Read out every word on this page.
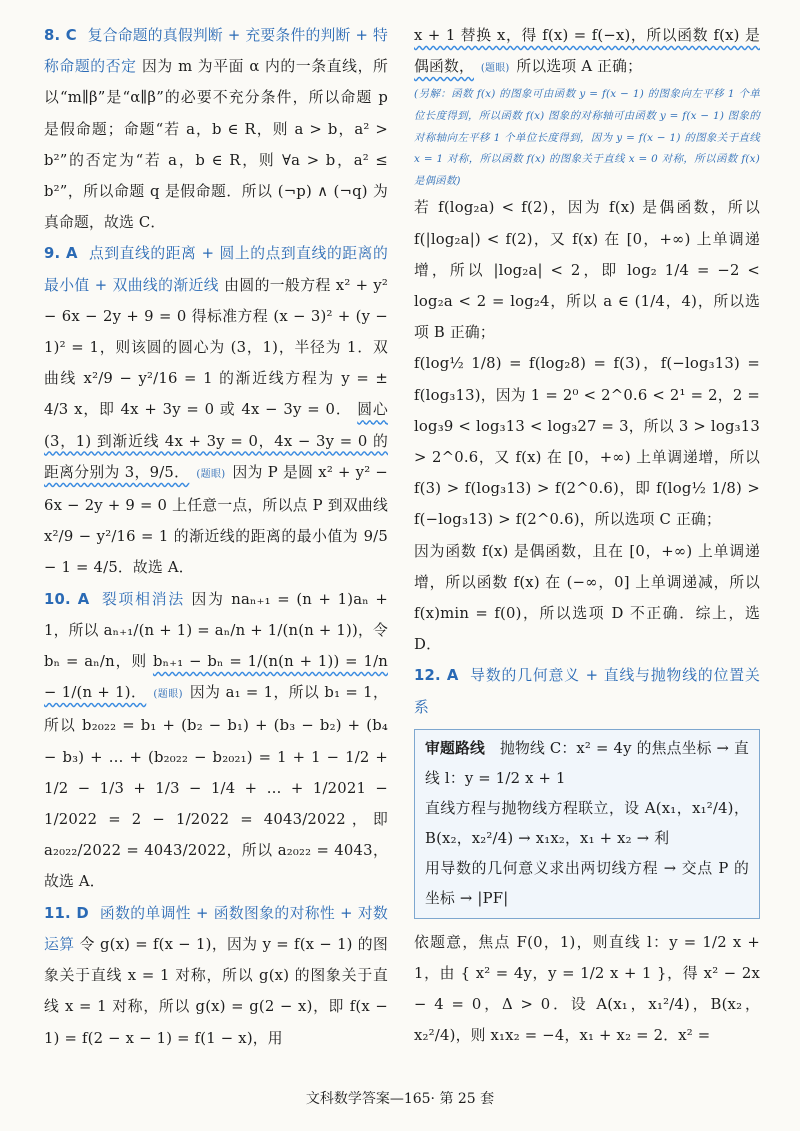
8. C 复合命题的真假判断 + 充要条件的判断 + 特称命题的否定 因为 m 为平面 α 内的一条直线，所以“m∥β”是“α∥β”的必要不充分条件，所以命题 p 是假命题；命题“若 a，b ∈ R，则 a > b，a² > b²”的否定为“若 a，b ∈ R，则 ∀a > b，a² ≤ b²”，所以命题 q 是假命题．所以 (¬p) ∧ (¬q) 为真命题，故选 C．

9. A 点到直线的距离 + 圆上的点到直线的距离的最小值 + 双曲线的渐近线 由圆的一般方程 x² + y² − 6x − 2y + 9 = 0 得标准方程 (x − 3)² + (y − 1)² = 1，则该圆的圆心为 (3，1)，半径为 1．双曲线 x²/9 − y²/16 = 1 的渐近线方程为 y = ± 4/3 x，即 4x + 3y = 0 或 4x − 3y = 0． 圆心 (3，1) 到渐近线 4x + 3y = 0，4x − 3y = 0 的距离分别为 3，9/5． (题眼) 因为 P 是圆 x² + y² − 6x − 2y + 9 = 0 上任意一点，所以点 P 到双曲线 x²/9 − y²/16 = 1 的渐近线的距离的最小值为 9/5 − 1 = 4/5．故选 A．

10. A 裂项相消法 因为 naₙ₊₁ = (n + 1)aₙ + 1，所以 aₙ₊₁/(n + 1) = aₙ/n + 1/(n(n + 1))，令 bₙ = aₙ/n，则 bₙ₊₁ − bₙ = 1/(n(n + 1)) = 1/n − 1/(n + 1)． (题眼) 因为 a₁ = 1，所以 b₁ = 1，所以 b₂₀₂₂ = b₁ + (b₂ − b₁) + (b₃ − b₂) + (b₄ − b₃) + … + (b₂₀₂₂ − b₂₀₂₁) = 1 + 1 − 1/2 + 1/2 − 1/3 + 1/3 − 1/4 + … + 1/2021 − 1/2022 = 2 − 1/2022 = 4043/2022，即 a₂₀₂₂/2022 = 4043/2022，所以 a₂₀₂₂ = 4043，故选 A．

11. D 函数的单调性 + 函数图象的对称性 + 对数运算 令 g(x) = f(x − 1)，因为 y = f(x − 1) 的图象关于直线 x = 1 对称，所以 g(x) 的图象关于直线 x = 1 对称，所以 g(x) = g(2 − x)，即 f(x − 1) = f(2 − x − 1) = f(1 − x)，用

x + 1 替换 x，得 f(x) = f(−x)，所以函数 f(x) 是偶函数， (题眼) 所以选项 A 正确；

(另解：函数 f(x) 的图象可由函数 y = f(x − 1) 的图象向左平移 1 个单位长度得到，所以函数 f(x) 图象的对称轴可由函数 y = f(x − 1) 图象的对称轴向左平移 1 个单位长度得到，因为 y = f(x − 1) 的图象关于直线 x = 1 对称，所以函数 f(x) 的图象关于直线 x = 0 对称，所以函数 f(x) 是偶函数)

若 f(log₂a) < f(2)，因为 f(x) 是偶函数，所以 f(|log₂a|) < f(2)，又 f(x) 在 [0，+∞) 上单调递增，所以 |log₂a| < 2，即 log₂ 1/4 = −2 < log₂a < 2 = log₂4，所以 a ∈ (1/4，4)，所以选项 B 正确；

f(log½ 1/8) = f(log₂8) = f(3)，f(−log₃13) = f(log₃13)，因为 1 = 2⁰ < 2^0.6 < 2¹ = 2，2 = log₃9 < log₃13 < log₃27 = 3，所以 3 > log₃13 > 2^0.6，又 f(x) 在 [0，+∞) 上单调递增，所以 f(3) > f(log₃13) > f(2^0.6)，即 f(log½ 1/8) > f(−log₃13) > f(2^0.6)，所以选项 C 正确；

因为函数 f(x) 是偶函数，且在 [0，+∞) 上单调递增，所以函数 f(x) 在 (−∞，0] 上单调递减，所以 f(x)min = f(0)，所以选项 D 不正确．综上，选 D．

12. A 导数的几何意义 + 直线与抛物线的位置关系

审题路线 抛物线 C：x² = 4y 的焦点坐标 → 直线 l：y = 1/2 x + 1

直线方程与抛物线方程联立，设 A(x₁，x₁²/4)，B(x₂，x₂²/4) → x₁x₂，x₁ + x₂ → 利

用导数的几何意义求出两切线方程 → 交点 P 的坐标 → |PF|

依题意，焦点 F(0，1)，则直线 l：y = 1/2 x + 1，由 { x² = 4y，y = 1/2 x + 1 }，得 x² − 2x − 4 = 0，Δ > 0．设 A(x₁，x₁²/4)，B(x₂，x₂²/4)，则 x₁x₂ = −4，x₁ + x₂ = 2．x² =

文科数学答案—165· 第 25 套
